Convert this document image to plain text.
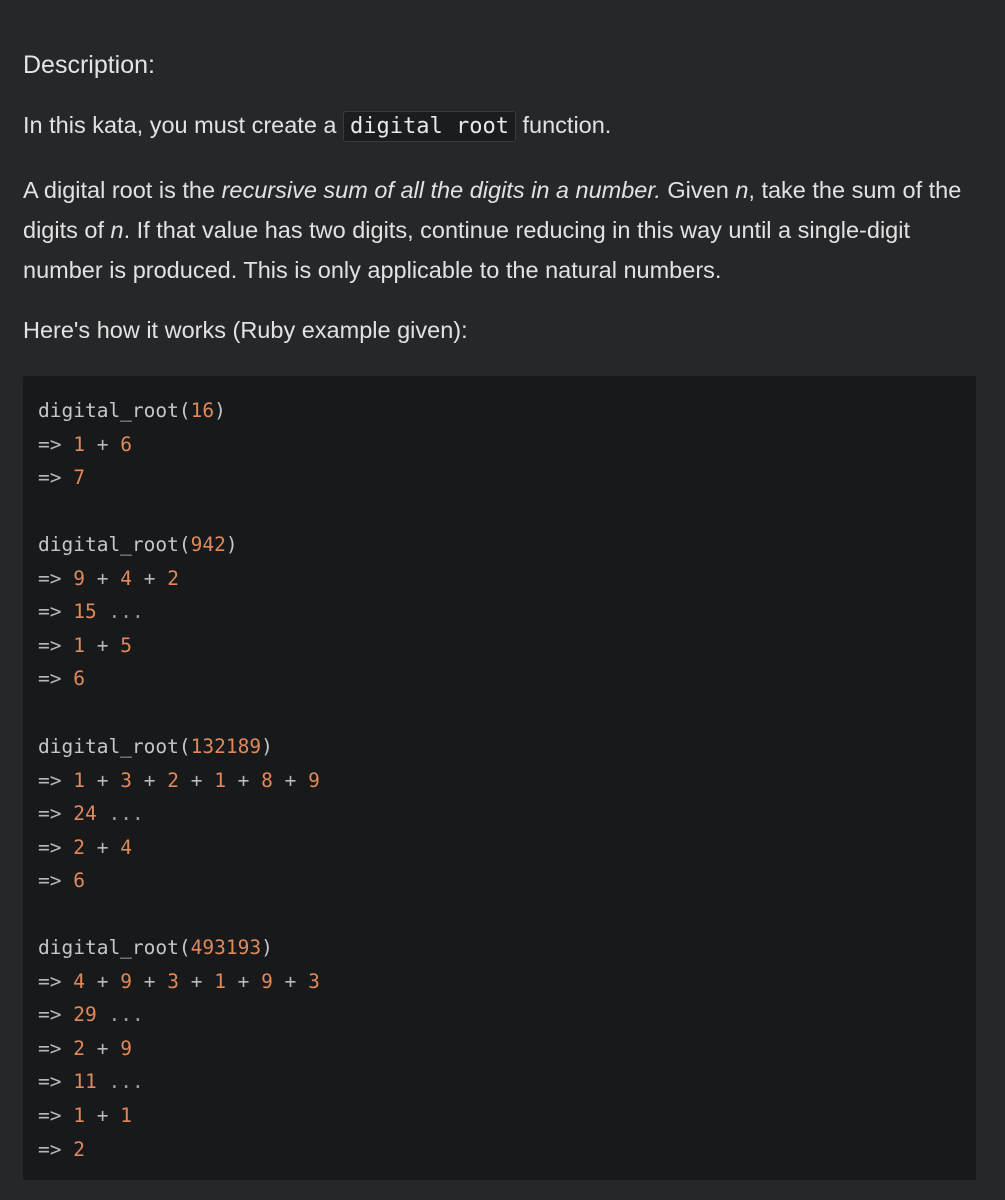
Description:

In this kata, you must create a digital root function.

A digital root is the recursive sum of all the digits in a number. Given n, take the sum of the digits of n. If that value has two digits, continue reducing in this way until a single-digit number is produced. This is only applicable to the natural numbers.

Here's how it works (Ruby example given):

digital_root(16)
=> 1 + 6
=> 7
digital_root(942)
=> 9 + 4 + 2
=> 15 ...
=> 1 + 5
=> 6
digital_root(132189)
=> 1 + 3 + 2 + 1 + 8 + 9
=> 24 ...
=> 2 + 4
=> 6
digital_root(493193)
=> 4 + 9 + 3 + 1 + 9 + 3
=> 29 ...
=> 2 + 9
=> 11 ...
=> 1 + 1
=> 2
